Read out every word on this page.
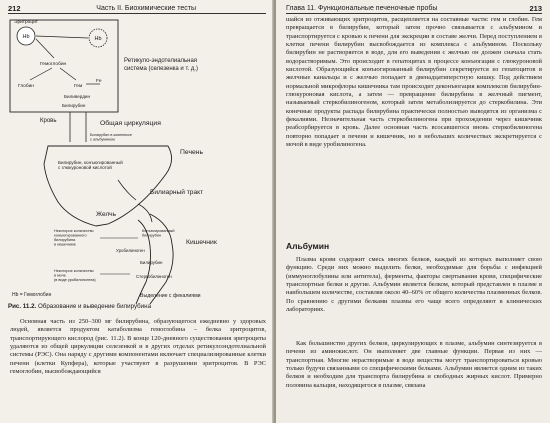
212	Часть II. Биохимические тесты
Hb
Эритроцит
Hb
Гемоглобин
Глобин	Гем
Fe
Биливердин
Билирубин
Ретикуло-эндотелиальная система (селезенка и т. д.)
Кровь	Общая циркуляция
Билирубин в комплексе с альбумином
Билирубин, конъюгированный с глюкуроновой кислотой
Печень
Билиарный тракт
Желчь
Конъюгированный билирубин
Кишечник
Некоторое количество конъюгированного билирубина в кишечнике
Уробилиноген
Билирубин
Стеркобилиноген
Некоторое количество в моче (в виде уробилиногена)
Hb = Гемоглобин	Выделение с фекалиями
Рис. 11.2. Образование и выведение билирубина

Основная часть из 250–300 мг билирубина, образующегося ежедневно у здоровых людей, является продуктом катаболизма гемоглобина – белка эритроцитов, транспортирующего кислород (рис. 11.2). В конце 120-дневного существования эритроциты удаляются из общей циркуляции селезенкой и в других отделах ретикулоэндотелиальной системы (РЭС). Она наряду с другими компонентами включает специализированные клетки печени (клетки Купфера), которые участвуют в разрушении эритроцитов. В РЭС гемоглобин, высвобождающийся

Глава 11. Функциональные печеночные пробы	213

шайся из отживающих эритроцитов, расщепляется на составные части: гем и глобин. Гем превращается в билирубин, который затем прочно связывается с альбумином и транспортируется с кровью к печени для экскреции в составе желчи. Перед поступлением в клетки печени билирубин высвобождается из комплекса с альбумином. Поскольку билирубин не растворяется в воде, для его выведения с желчью он должен сначала стать водорастворимым. Это происходит в гепатоцитах в процессе конъюгации с глюкуроновой кислотой. Образующийся конъюгированный билирубин секретируется из гепатоцитов в желчные канальцы и с желчью попадает в двенадцатиперстную кишку. Под действием нормальной микрофлоры кишечника там происходит деконъюгация комплексов билирубин-глюкуроновая кислота, а затем — превращение билирубина в желчный пигмент, называемый стеркобилиногеном, который затем метаболизируется до стеркобилина. Эти конечные продукты распада билирубина практически полностью выводятся из организма с фекалиями. Незначительная часть стеркобилиногена при прохождении через кишечник реабсорбируется в кровь. Далее основная часть всосавшегося вновь стеркобилиногена повторно попадает в печени и кишечник, но в небольших количествах экскретируется с мочой в виде уробилиногена.

Альбумин

Плазма крови содержит смесь многих белков, каждый из которых выполняет свою функцию. Среди них можно выделить белки, необходимые для борьбы с инфекцией (иммуноглобулины или антитела), ферменты, факторы свертывания крови, специфические транспортные белки и другие. Альбумин является белком, который представлен в плазме в наибольшем количестве, составляя около 40–60% от общего количества плазменных белков. По сравнению с другими белками плазмы его чаще всего определяют в клинических лабораториях.

Как большинство других белков, циркулирующих в плазме, альбумин синтезируется в печени из аминокислот. Он выполняет две главные функции. Первая из них — транспортная. Многие нерастворимые в воде вещества могут транспортироваться кровью только будучи связанными со специфическими белками. Альбумин является одним из таких белков и необходим для транспорта билирубина и свободных жирных кислот. Примерно половина кальция, находящегося в плазме, связана
